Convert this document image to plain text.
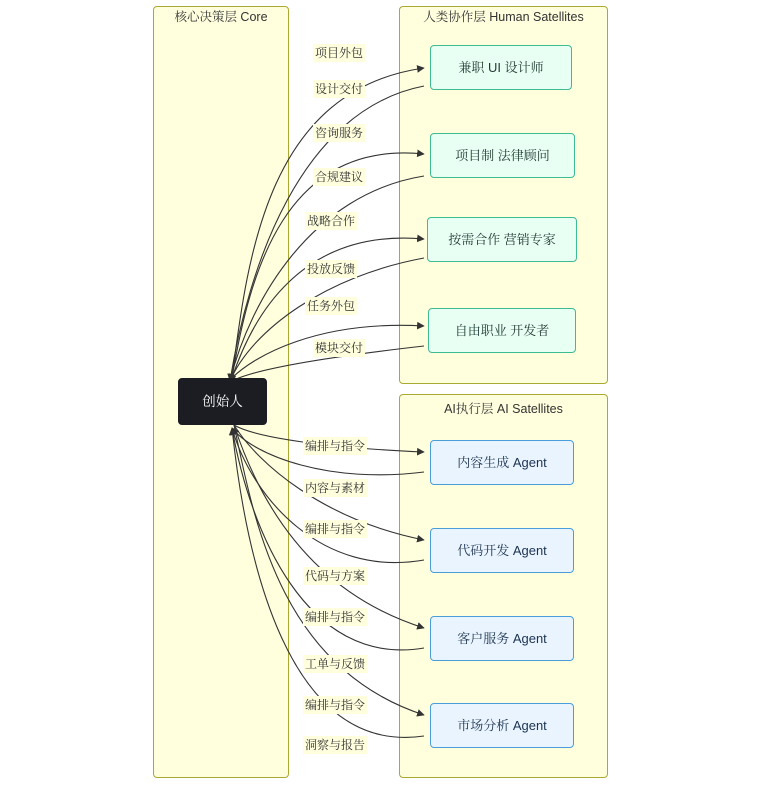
核心决策层 Core	人类协作层 Human Satellites
AI执行层 AI Satellites
创始人
兼职 UI 设计师
项目制 法律顾问
按需合作 营销专家
自由职业 开发者
内容生成 Agent
代码开发 Agent
客户服务 Agent
市场分析 Agent
项目外包
设计交付
咨询服务
合规建议
战略合作
投放反馈
任务外包
模块交付
编排与指令
内容与素材
编排与指令
代码与方案
编排与指令
工单与反馈
编排与指令
洞察与报告
